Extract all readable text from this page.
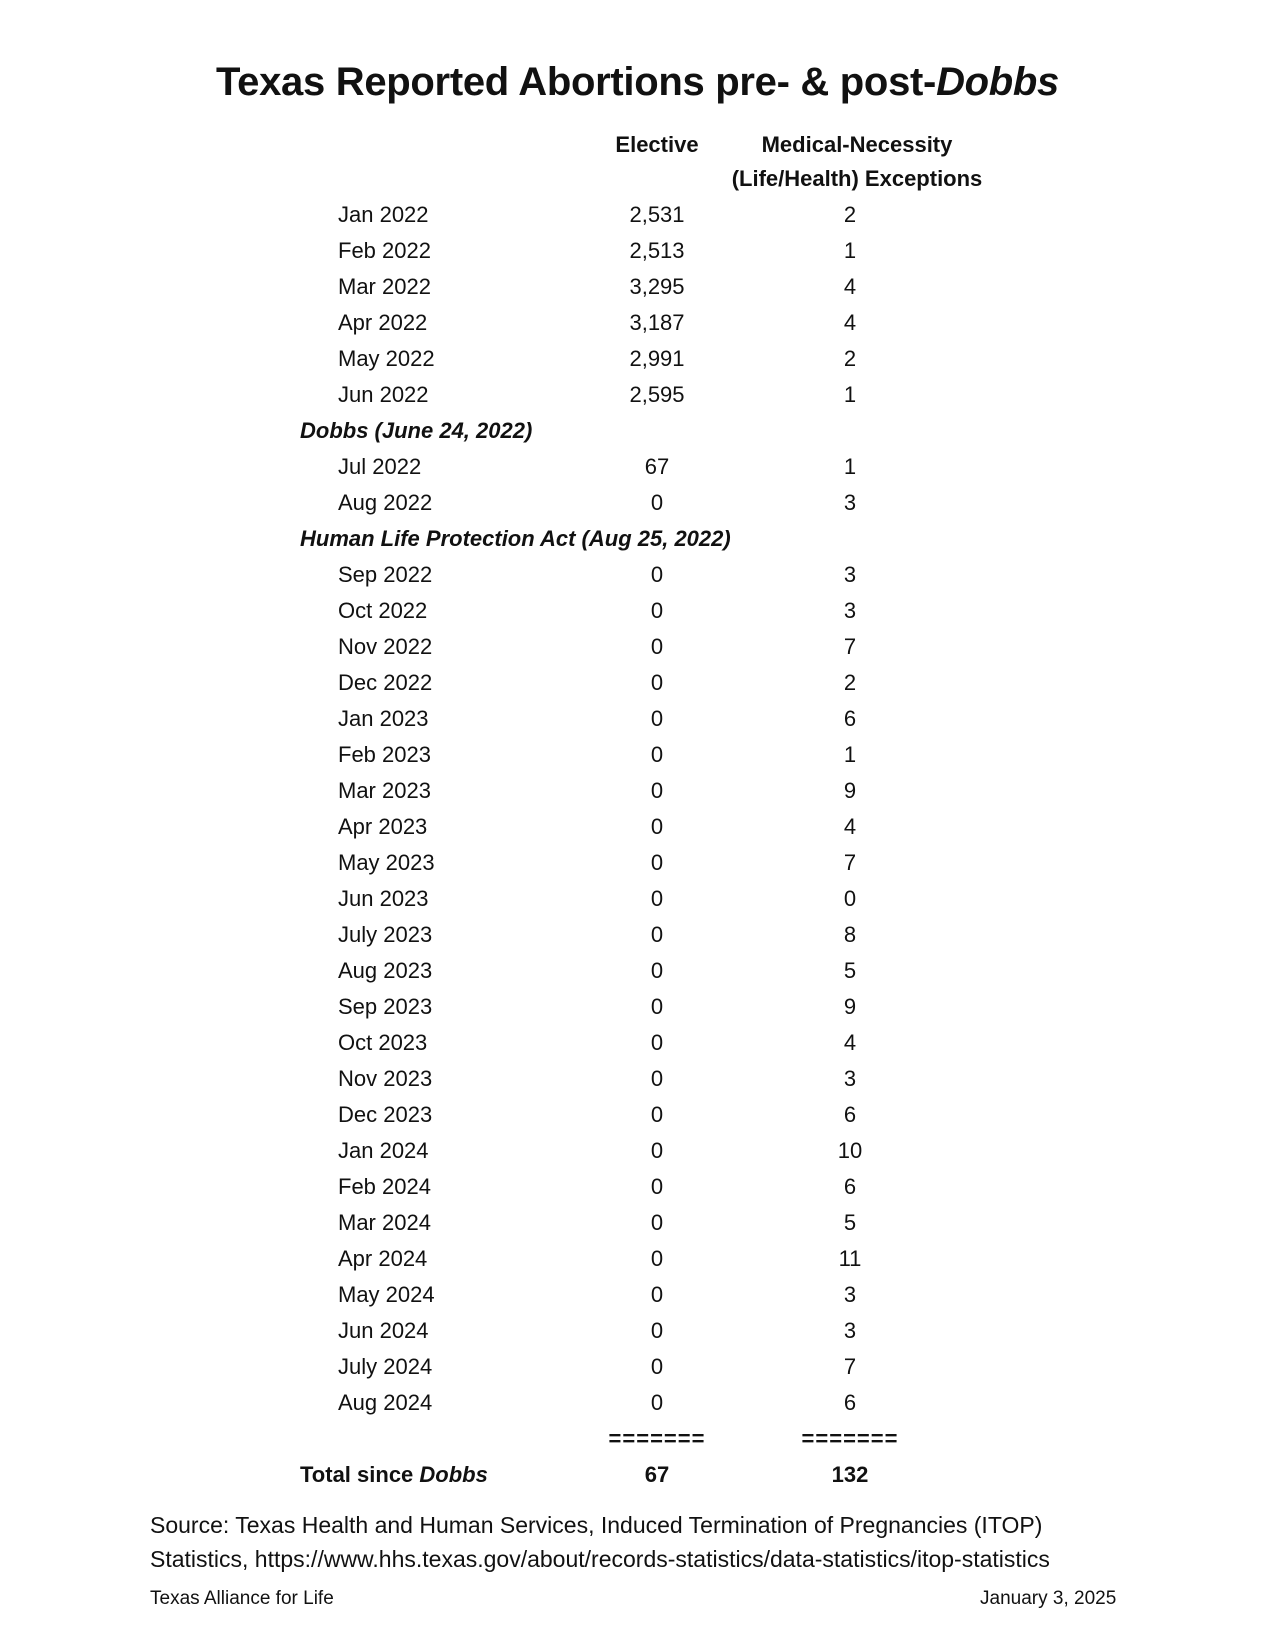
Texas Reported Abortions pre- & post-Dobbs
Elective	Medical-Necessity
(Life/Health) Exceptions
Jan 2022	2,531	2
Feb 2022	2,513	1
Mar 2022	3,295	4
Apr 2022	3,187	4
May 2022	2,991	2
Jun 2022	2,595	1
Dobbs (June 24, 2022)
Jul 2022	67	1
Aug 2022	0	3
Human Life Protection Act (Aug 25, 2022)
Sep 2022	0	3
Oct 2022	0	3
Nov 2022	0	7
Dec 2022	0	2
Jan 2023	0	6
Feb 2023	0	1
Mar 2023	0	9
Apr 2023	0	4
May 2023	0	7
Jun 2023	0	0
July 2023	0	8
Aug 2023	0	5
Sep 2023	0	9
Oct 2023	0	4
Nov 2023	0	3
Dec 2023	0	6
Jan 2024	0	10
Feb 2024	0	6
Mar 2024	0	5
Apr 2024	0	11
May 2024	0	3
Jun 2024	0	3
July 2024	0	7
Aug 2024	0	6
=======	=======
Total since Dobbs	67	132
Source: Texas Health and Human Services, Induced Termination of Pregnancies (ITOP)
Statistics, https://www.hhs.texas.gov/about/records-statistics/data-statistics/itop-statistics
Texas Alliance for Life	January 3, 2025
